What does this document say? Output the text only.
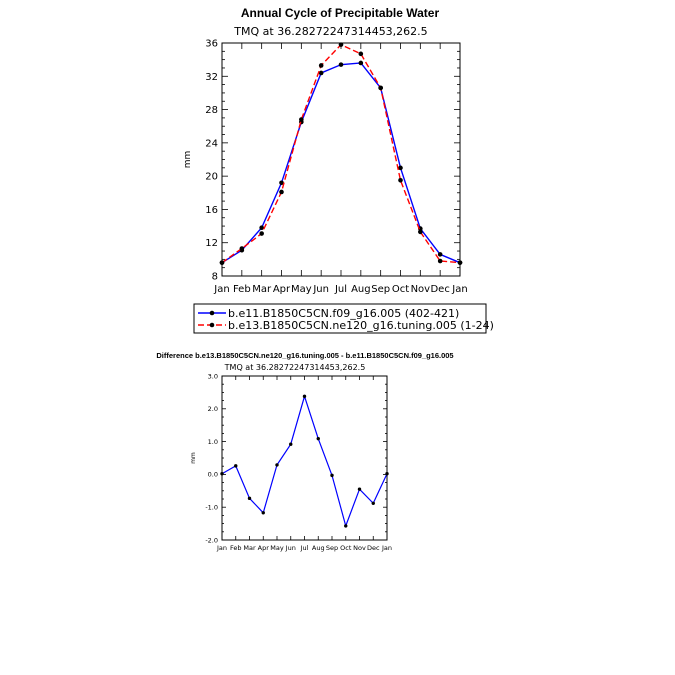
Annual Cycle of Precipitable Water
TMQ at 36.28272247314453,262.5
Jan Feb Mar Apr May Jun Jul Aug Sep Oct Nov Dec Jan
8
12
16
20
24
28
32
36
mm
b.e11.B1850C5CN.f09_g16.005 (402-421)
b.e13.B1850C5CN.ne120_g16.tuning.005 (1-24)
Difference b.e13.B1850C5CN.ne120_g16.tuning.005 - b.e11.B1850C5CN.f09_g16.005
TMQ at 36.28272247314453,262.5
Jan Feb Mar Apr May Jun Jul Aug Sep Oct Nov Dec Jan
-2.0
-1.0
0.0
1.0
2.0
3.0
mm
